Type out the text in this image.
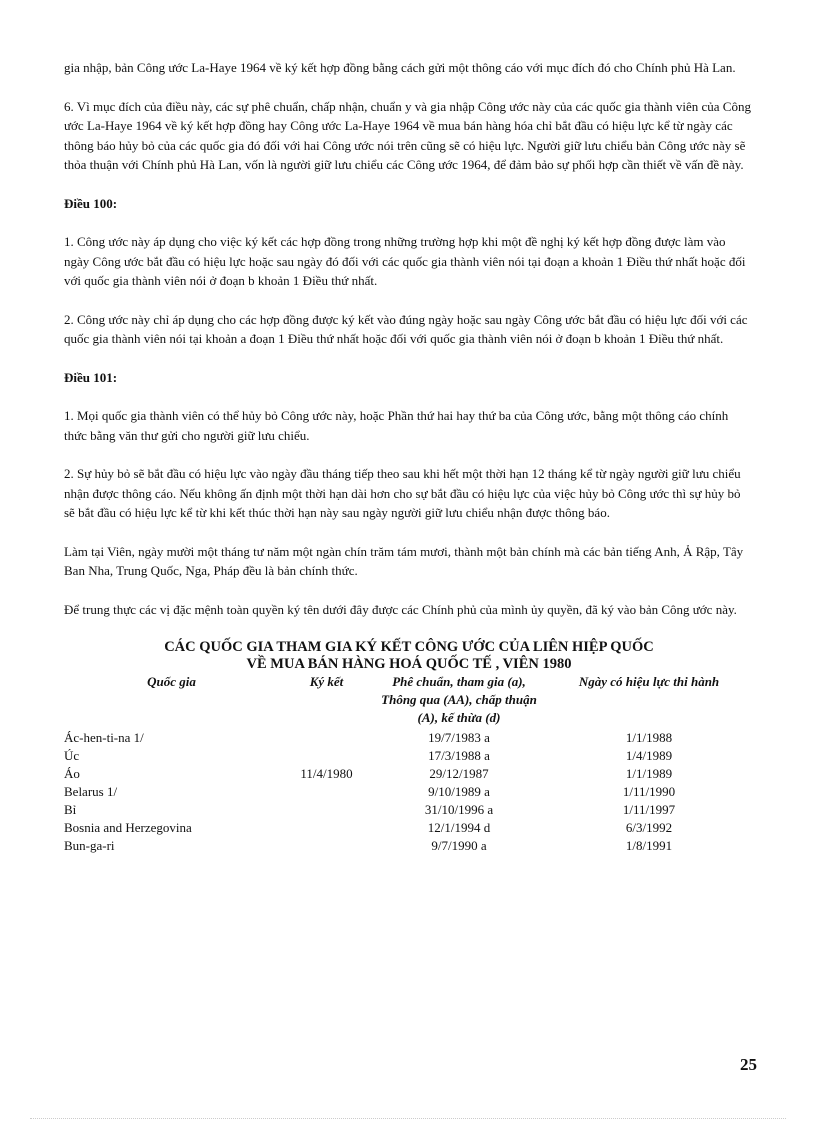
gia nhập, bản Công ước La-Haye 1964 về ký kết hợp đồng bằng cách gửi một thông cáo với mục đích đó cho Chính phủ Hà Lan.

6. Vì mục đích của điều này, các sự phê chuẩn, chấp nhận, chuẩn y và gia nhập Công ước này của các quốc gia thành viên của Công ước La-Haye 1964 về ký kết hợp đồng hay Công ước La-Haye 1964 về mua bán hàng hóa chỉ bắt đầu có hiệu lực kể từ ngày các thông báo hủy bỏ của các quốc gia đó đối với hai Công ước nói trên cũng sẽ có hiệu lực. Người giữ lưu chiểu bản Công ước này sẽ thỏa thuận với Chính phủ Hà Lan, vốn là người giữ lưu chiểu các Công ước 1964, để đảm bảo sự phối hợp cần thiết về vấn đề này.

Điều 100:

1. Công ước này áp dụng cho việc ký kết các hợp đồng trong những trường hợp khi một đề nghị ký kết hợp đồng được làm vào ngày Công ước bắt đầu có hiệu lực hoặc sau ngày đó đối với các quốc gia thành viên nói tại đoạn a khoản 1 Điều thứ nhất hoặc đối với quốc gia thành viên nói ở đoạn b khoản 1 Điều thứ nhất.

2. Công ước này chỉ áp dụng cho các hợp đồng được ký kết vào đúng ngày hoặc sau ngày Công ước bắt đầu có hiệu lực đối với các quốc gia thành viên nói tại khoản a đoạn 1 Điều thứ nhất hoặc đối với quốc gia thành viên nói ở đoạn b khoản 1 Điều thứ nhất.

Điều 101:

1. Mọi quốc gia thành viên có thể hủy bỏ Công ước này, hoặc Phần thứ hai hay thứ ba của Công ước, bằng một thông cáo chính thức bằng văn thư gửi cho người giữ lưu chiểu.

2. Sự hủy bỏ sẽ bắt đầu có hiệu lực vào ngày đầu tháng tiếp theo sau khi hết một thời hạn 12 tháng kể từ ngày người giữ lưu chiểu nhận được thông cáo. Nếu không ấn định một thời hạn dài hơn cho sự bắt đầu có hiệu lực của việc hủy bỏ Công ước thì sự hủy bỏ sẽ bắt đầu có hiệu lực kể từ khi kết thúc thời hạn này sau ngày người giữ lưu chiểu nhận được thông báo.

Làm tại Viên, ngày mười một tháng tư năm một ngàn chín trăm tám mươi, thành một bản chính mà các bản tiếng Anh, Ả Rập, Tây Ban Nha, Trung Quốc, Nga, Pháp đều là bản chính thức.

Để trung thực các vị đặc mệnh toàn quyền ký tên dưới đây được các Chính phủ của mình ủy quyền, đã ký vào bản Công ước này.

CÁC QUỐC GIA THAM GIA KÝ KẾT CÔNG ƯỚC CỦA LIÊN HIỆP QUỐC
VỀ MUA BÁN HÀNG HOÁ QUỐC TẾ , VIÊN 1980
Quốc gia	Ký kết	Phê chuẩn, tham gia (a), Thông qua (AA), chấp thuận (A), kế thừa (d)	Ngày có hiệu lực thi hành
Ác-hen-ti-na 1/		19/7/1983 a	1/1/1988
Úc		17/3/1988 a	1/4/1989
Áo	11/4/1980	29/12/1987	1/1/1989
Belarus 1/		9/10/1989 a	1/11/1990
Bỉ		31/10/1996 a	1/11/1997
Bosnia and Herzegovina		12/1/1994 d	6/3/1992
Bun-ga-ri		9/7/1990 a	1/8/1991
25
